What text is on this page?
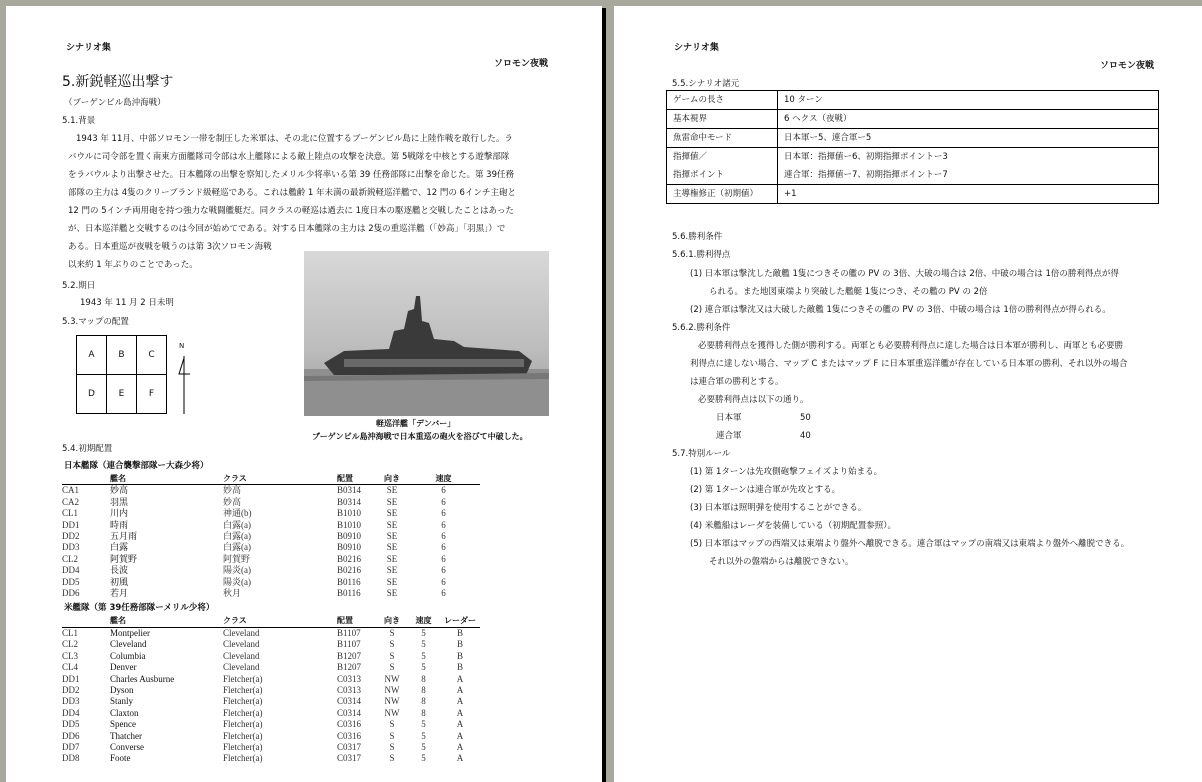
シナリオ集
ソロモン夜戦
5.新鋭軽巡出撃す
（ブーゲンビル島沖海戦）
5.1.背景
1943 年 11月、中部ソロモン一帯を制圧した米軍は、その北に位置するブーゲンビル島に上陸作戦を敢行した。ラ
バウルに司令部を置く南東方面艦隊司令部は水上艦隊による敵上陸点の攻撃を決意。第 5戦隊を中核とする遊撃部隊
をラバウルより出撃させた。日本艦隊の出撃を察知したメリル少将率いる第 39 任務部隊に出撃を命じた。第 39任務
部隊の主力は 4隻のクリーブランド級軽巡である。これは艦齢 1 年未満の最新鋭軽巡洋艦で、12 門の 6インチ主砲と
12 門の 5インチ両用砲を持つ強力な戦闘艦艇だ。同クラスの軽巡は過去に 1度日本の駆逐艦と交戦したことはあった
が、日本巡洋艦と交戦するのは今回が始めてである。対する日本艦隊の主力は 2隻の重巡洋艦（「妙高」「羽黒」）で
ある。日本重巡が夜戦を戦うのは第 3次ソロモン海戦
以来約 1 年ぶりのことであった。
5.2.期日
1943 年 11 月 2 日未明
5.3.マップの配置
A	B	C
D	E	F
N
軽巡洋艦「デンバー」
ブーゲンビル島沖海戦で日本重巡の砲火を浴びて中破した。
5.4.初期配置
日本艦隊（連合襲撃部隊ー大森少将）
	艦名	クラス	配置	向き	速度
CA1	妙高	妙高	B0314	SE	6
CA2	羽黒	妙高	B0314	SE	6
CL1	川内	神通(b)	B1010	SE	6
DD1	時雨	白露(a)	B1010	SE	6
DD2	五月雨	白露(a)	B0910	SE	6
DD3	白露	白露(a)	B0910	SE	6
CL2	阿賀野	阿賀野	B0216	SE	6
DD4	長波	陽炎(a)	B0216	SE	6
DD5	初風	陽炎(a)	B0116	SE	6
DD6	若月	秋月	B0116	SE	6
米艦隊（第 39任務部隊ーメリル少将）
	艦名	クラス	配置	向き	速度	レーダー
CL1	Montpelier	Cleveland	B1107	S	5	B
CL2	Cleveland	Cleveland	B1107	S	5	B
CL3	Columbia	Cleveland	B1207	S	5	B
CL4	Denver	Cleveland	B1207	S	5	B
DD1	Charles Ausburne	Fletcher(a)	C0313	NW	8	A
DD2	Dyson	Fletcher(a)	C0313	NW	8	A
DD3	Stanly	Fletcher(a)	C0314	NW	8	A
DD4	Claxton	Fletcher(a)	C0314	NW	8	A
DD5	Spence	Fletcher(a)	C0316	S	5	A
DD6	Thatcher	Fletcher(a)	C0316	S	5	A
DD7	Converse	Fletcher(a)	C0317	S	5	A
DD8	Foote	Fletcher(a)	C0317	S	5	A
シナリオ集
ソロモン夜戦
5.5.シナリオ諸元
ゲームの長さ	10 ターン
基本視界	6 ヘクス（夜戦）
魚雷命中モード	日本軍ー5、連合軍ー5
指揮値／	日本軍：指揮値ー6、初期指揮ポイントー3
指揮ポイント	連合軍：指揮値ー7、初期指揮ポイントー7
主導権修正（初期値）	+1
5.6.勝利条件
5.6.1.勝利得点
(1) 日本軍は撃沈した敵艦 1隻につきその艦の PV の 3倍、大破の場合は 2倍、中破の場合は 1倍の勝利得点が得
られる。また地図東端より突破した艦艇 1隻につき、その艦の PV の 2倍
(2) 連合軍は撃沈又は大破した敵艦 1隻につきその艦の PV の 3倍、中破の場合は 1倍の勝利得点が得られる。
5.6.2.勝利条件
必要勝利得点を獲得した側が勝利する。両軍とも必要勝利得点に達した場合は日本軍が勝利し、両軍とも必要勝
利得点に達しない場合、マップ C またはマップ F に日本軍重巡洋艦が存在している日本軍の勝利、それ以外の場合
は連合軍の勝利とする。
必要勝利得点は以下の通り。
日本軍	50
連合軍	40
5.7.特別ルール
(1) 第 1ターンは先攻側砲撃フェイズより始まる。
(2) 第 1ターンは連合軍が先攻とする。
(3) 日本軍は照明弾を使用することができる。
(4) 米艦船はレーダを装備している（初期配置参照）。
(5) 日本軍はマップの西端又は東端より盤外へ離脱できる。連合軍はマップの南端又は東端より盤外へ離脱できる。
それ以外の盤端からは離脱できない。
